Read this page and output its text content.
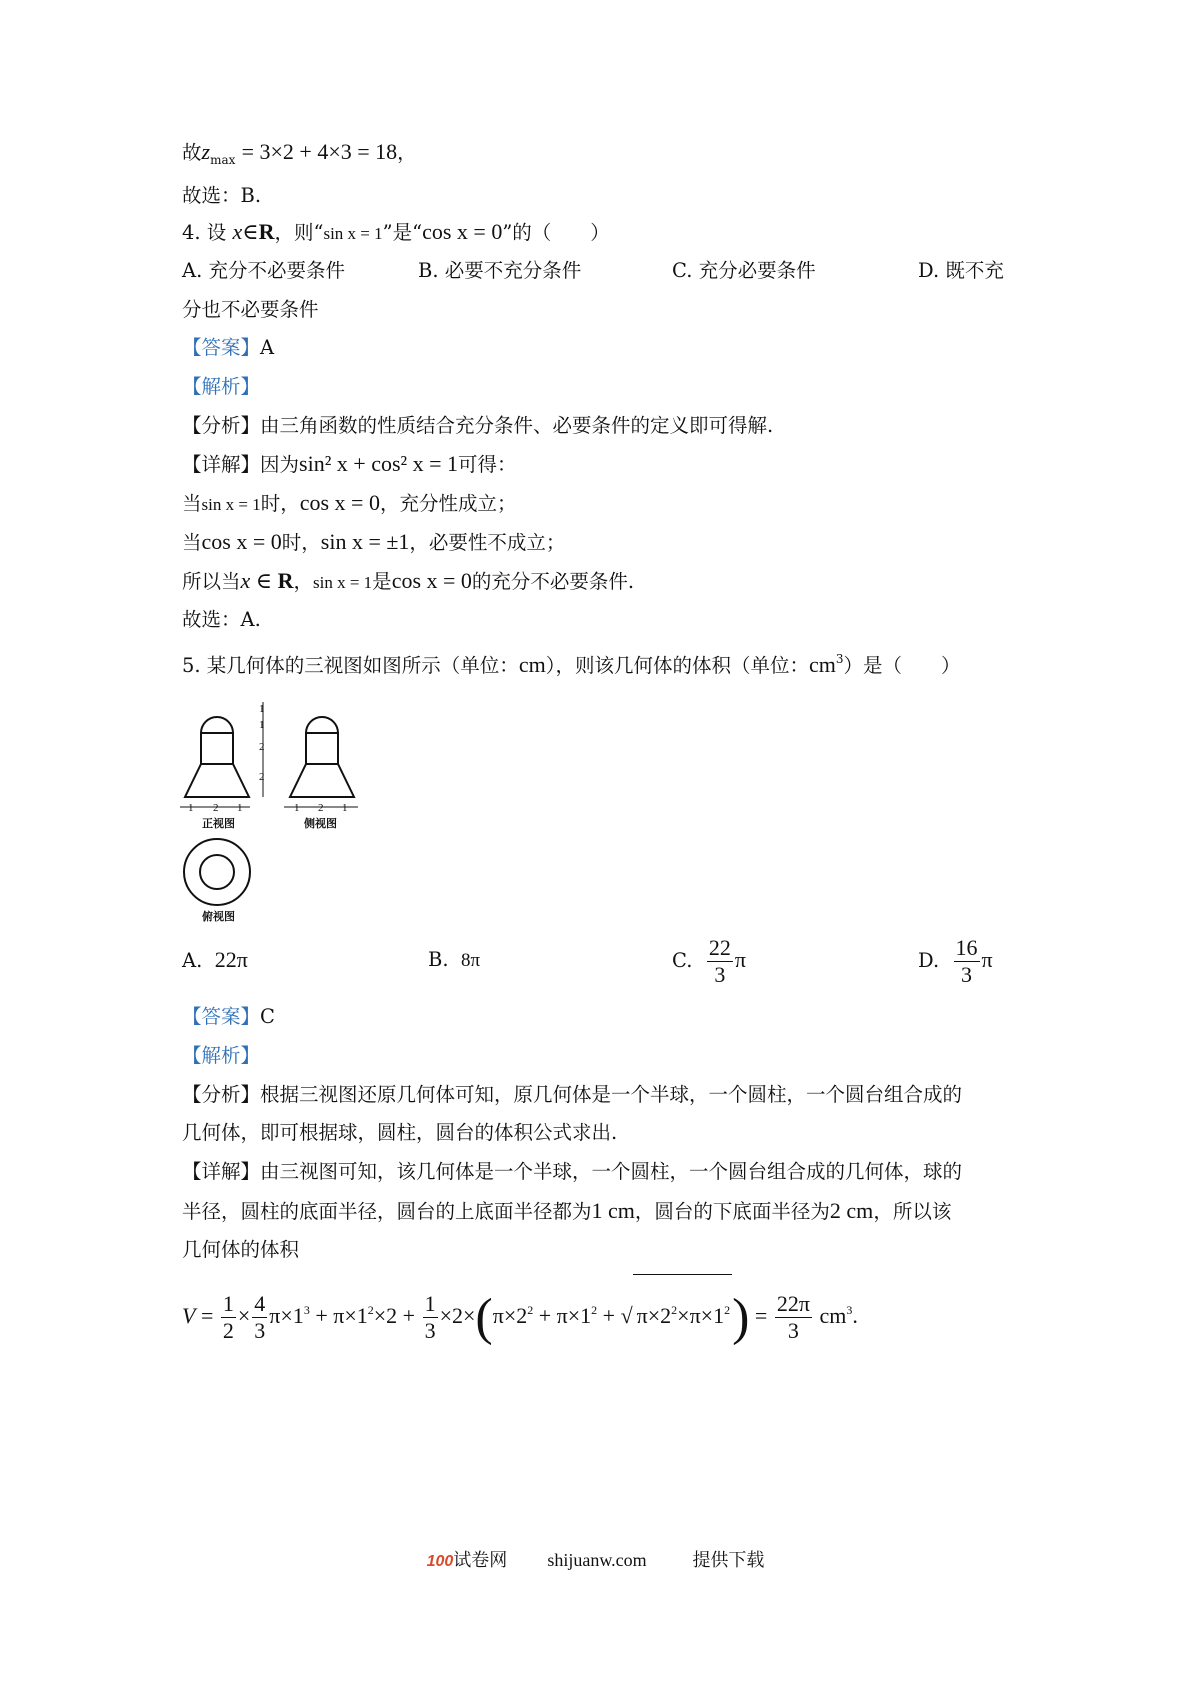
故$z_{max} = 3\times 2 + 4\times 3 = 18$，
故选：B.
4. 设 x∈R，则“sin x = 1”是“cos x = 0”的（　　）
A. 充分不必要条件	B. 必要不充分条件	C. 充分必要条件	D. 既不充
分也不必要条件
【答案】A
【解析】
【分析】由三角函数的性质结合充分条件、必要条件的定义即可得解.
【详解】因为sin² x + cos² x = 1可得：
当sin x = 1时，cos x = 0，充分性成立；
当cos x = 0时，sin x = ±1，必要性不成立；
所以当x ∈ R，sin x = 1是cos x = 0的充分不必要条件.
故选：A.
5. 某几何体的三视图如图所示（单位：cm），则该几何体的体积（单位：$cm^3$）是（　　）
1 2 1	1 2 1
1
1
2
2
正视图	侧视图
俯视图
A. 22π	B. 8π	C. $\frac{22}{3}$ π	D. $\frac{16}{3}$ π
【答案】C
【解析】
【分析】根据三视图还原几何体可知，原几何体是一个半球，一个圆柱，一个圆台组合成的
几何体，即可根据球，圆柱，圆台的体积公式求出.
【详解】由三视图可知，该几何体是一个半球，一个圆柱，一个圆台组合成的几何体，球的
半径，圆柱的底面半径，圆台的上底面半径都为1 cm，圆台的下底面半径为2 cm，所以该
几何体的体积
$V = \frac{1}{2} \times \frac{4}{3} \pi\times 1^3 + \pi\times 1^2\times 2 + \frac{1}{3} \times 2\times(\pi\times 2^2 + \pi\times 1^2$ + √ $\pi\times 2^2\times\pi\times 1^2) = \frac{22\pi}{3} cm^3$.
100试卷网 shijuanw.com	提供下载
